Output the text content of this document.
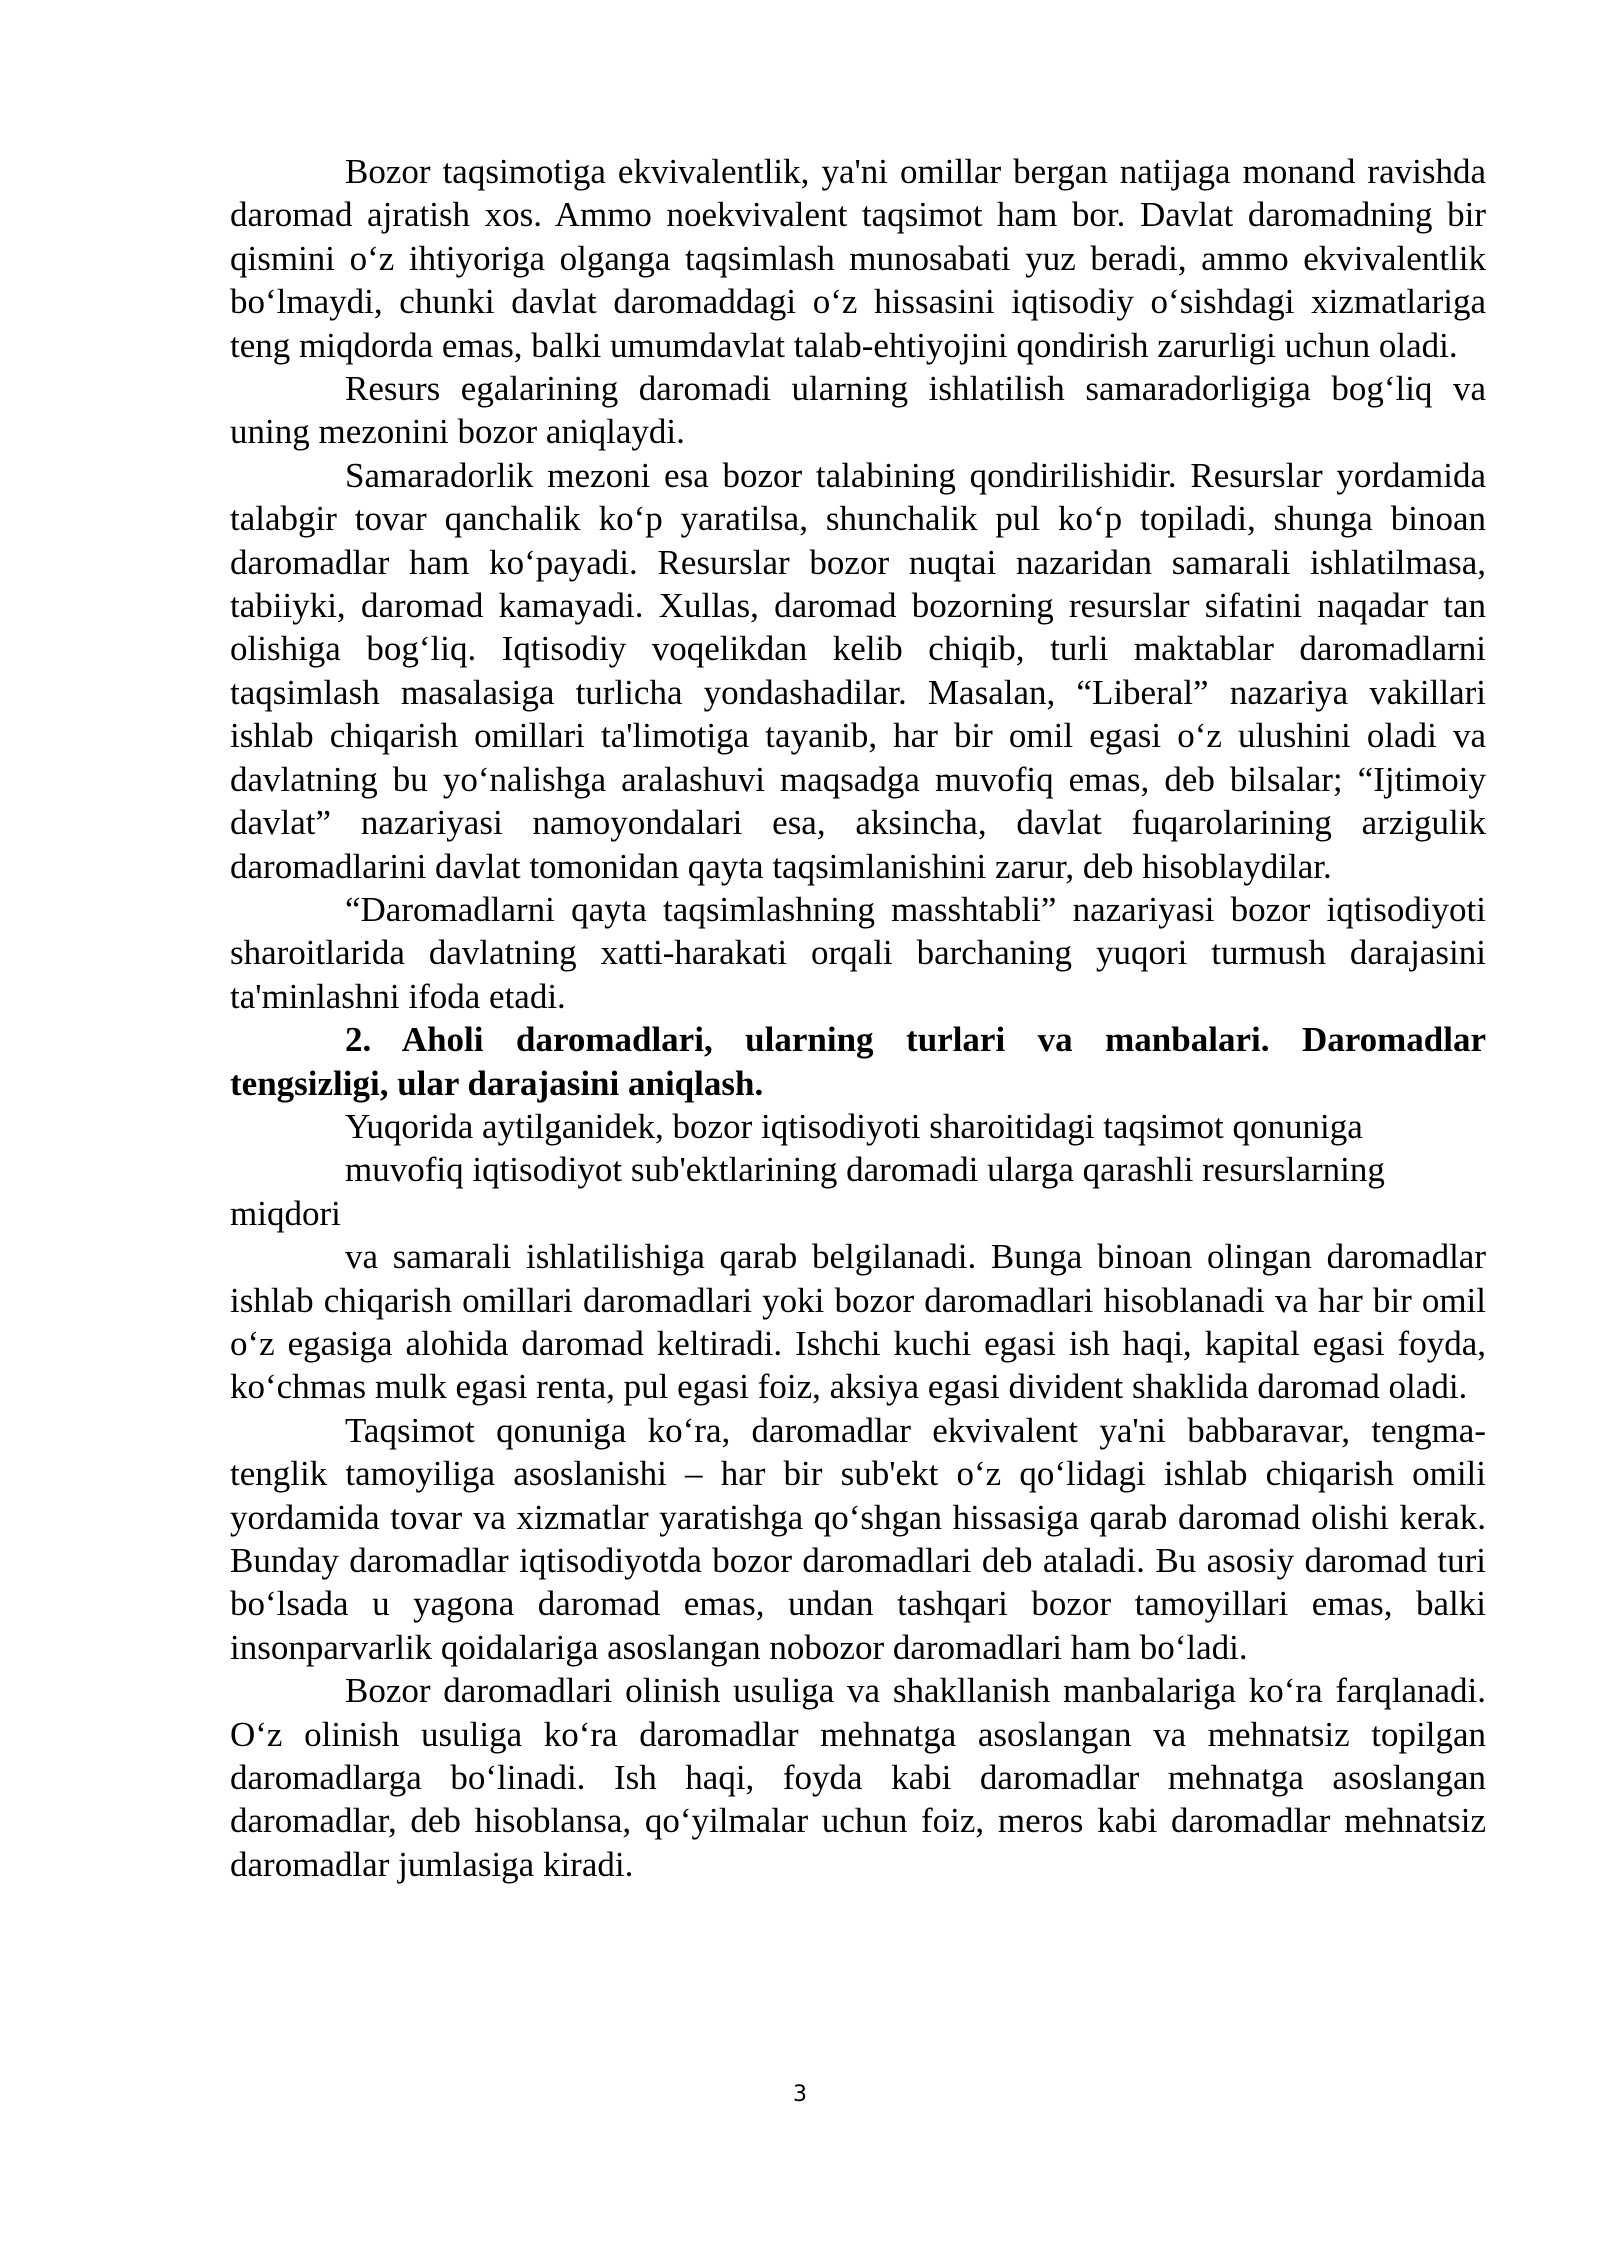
Bozor taqsimotiga ekvivalentlik, ya'ni omillar bergan natijaga monand ravishda daromad ajratish xos. Ammo noekvivalent taqsimot ham bor. Davlat daromadning bir qismini o‘z ihtiyoriga olganga taqsimlash munosabati yuz beradi, ammo ekvivalentlik bo‘lmaydi, chunki davlat daromaddagi o‘z hissasini iqtisodiy o‘sishdagi xizmatlariga teng miqdorda emas, balki umumdavlat talab-ehtiyojini qondirish zarurligi uchun oladi.

Resurs egalarining daromadi ularning ishlatilish samaradorligiga bog‘liq va uning mezonini bozor aniqlaydi.

Samaradorlik mezoni esa bozor talabining qondirilishidir. Resurslar yordamida talabgir tovar qanchalik ko‘p yaratilsa, shunchalik pul ko‘p topiladi, shunga binoan daromadlar ham ko‘payadi. Resurslar bozor nuqtai nazaridan samarali ishlatilmasa, tabiiyki, daromad kamayadi. Xullas, daromad bozorning resurslar sifatini naqadar tan olishiga bog‘liq. Iqtisodiy voqelikdan kelib chiqib, turli maktablar daromadlarni taqsimlash masalasiga turlicha yondashadilar. Masalan, “Liberal” nazariya vakillari ishlab chiqarish omillari ta'limotiga tayanib, har bir omil egasi o‘z ulushini oladi va davlatning bu yo‘nalishga aralashuvi maqsadga muvofiq emas, deb bilsalar; “Ijtimoiy davlat” nazariyasi namoyondalari esa, aksincha, davlat fuqarolarining arzigulik daromadlarini davlat tomonidan qayta taqsimlanishini zarur, deb hisoblaydilar.

“Daromadlarni qayta taqsimlashning masshtabli” nazariyasi bozor iqtisodiyoti sharoitlarida davlatning xatti-harakati orqali barchaning yuqori turmush darajasini ta'minlashni ifoda etadi.

2. Aholi daromadlari, ularning turlari va manbalari. Daromadlar tengsizligi, ular darajasini aniqlash.

Yuqorida aytilganidek, bozor iqtisodiyoti sharoitidagi taqsimot qonuniga

muvofiq iqtisodiyot sub'ektlarining daromadi ularga qarashli resurslarning miqdori

va samarali ishlatilishiga qarab belgilanadi. Bunga binoan olingan daromadlar ishlab chiqarish omillari daromadlari yoki bozor daromadlari hisoblanadi va har bir omil o‘z egasiga alohida daromad keltiradi. Ishchi kuchi egasi ish haqi, kapital egasi foyda, ko‘chmas mulk egasi renta, pul egasi foiz, aksiya egasi divident shaklida daromad oladi.

Taqsimot qonuniga ko‘ra, daromadlar ekvivalent ya'ni babbaravar, tengma-tenglik tamoyiliga asoslanishi – har bir sub'ekt o‘z qo‘lidagi ishlab chiqarish omili yordamida tovar va xizmatlar yaratishga qo‘shgan hissasiga qarab daromad olishi kerak. Bunday daromadlar iqtisodiyotda bozor daromadlari deb ataladi. Bu asosiy daromad turi bo‘lsada u yagona daromad emas, undan tashqari bozor tamoyillari emas, balki insonparvarlik qoidalariga asoslangan nobozor daromadlari ham bo‘ladi.

Bozor daromadlari olinish usuliga va shakllanish manbalariga ko‘ra farqlanadi. O‘z olinish usuliga ko‘ra daromadlar mehnatga asoslangan va mehnatsiz topilgan daromadlarga bo‘linadi. Ish haqi, foyda kabi daromadlar mehnatga asoslangan daromadlar, deb hisoblansa, qo‘yilmalar uchun foiz, meros kabi daromadlar mehnatsiz daromadlar jumlasiga kiradi.

3
